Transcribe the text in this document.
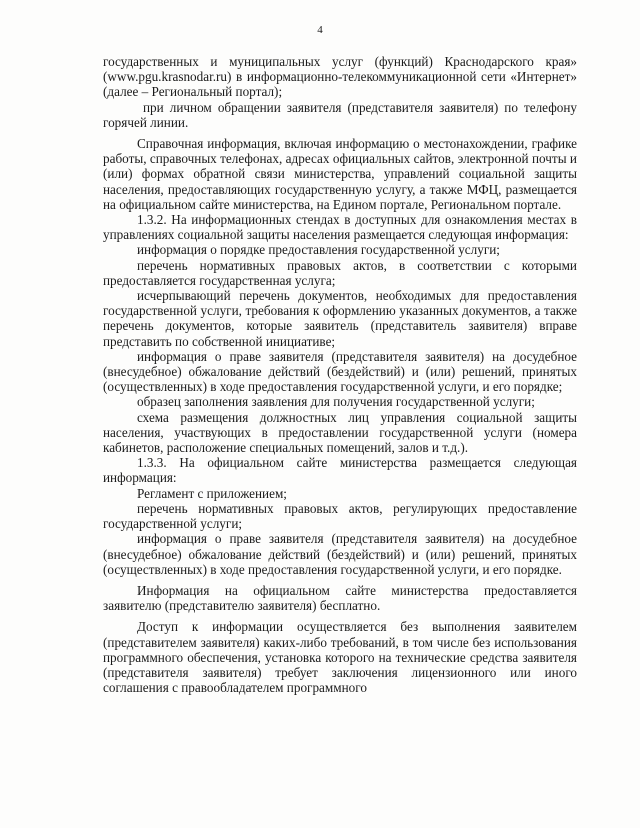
4

государственных и муниципальных услуг (функций) Краснодарского края» (www.pgu.krasnodar.ru) в информационно-телекоммуникационной сети «Интернет» (далее – Региональный портал);

при личном обращении заявителя (представителя заявителя) по телефону горячей линии.

Справочная информация, включая информацию о местонахождении, графике работы, справочных телефонах, адресах официальных сайтов, электронной почты и (или) формах обратной связи министерства, управлений социальной защиты населения, предоставляющих государственную услугу, а также МФЦ, размещается на официальном сайте министерства, на Едином портале, Региональном портале.

1.3.2. На информационных стендах в доступных для ознакомления местах в управлениях социальной защиты населения размещается следующая информация:

информация о порядке предоставления государственной услуги;

перечень нормативных правовых актов, в соответствии с которыми предоставляется государственная услуга;

исчерпывающий перечень документов, необходимых для предоставления государственной услуги, требования к оформлению указанных документов, а также перечень документов, которые заявитель (представитель заявителя) вправе представить по собственной инициативе;

информация о праве заявителя (представителя заявителя) на досудебное (внесудебное) обжалование действий (бездействий) и (или) решений, принятых (осуществленных) в ходе предоставления государственной услуги, и его порядке;

образец заполнения заявления для получения государственной услуги;

схема размещения должностных лиц управления социальной защиты населения, участвующих в предоставлении государственной услуги (номера кабинетов, расположение специальных помещений, залов и т.д.).

1.3.3. На официальном сайте министерства размещается следующая информация:

Регламент с приложением;

перечень нормативных правовых актов, регулирующих предоставление государственной услуги;

информация о праве заявителя (представителя заявителя) на досудебное (внесудебное) обжалование действий (бездействий) и (или) решений, принятых (осуществленных) в ходе предоставления государственной услуги, и его порядке.

Информация на официальном сайте министерства предоставляется заявителю (представителю заявителя) бесплатно.

Доступ к информации осуществляется без выполнения заявителем (представителем заявителя) каких-либо требований, в том числе без использования программного обеспечения, установка которого на технические средства заявителя (представителя заявителя) требует заключения лицензионного или иного соглашения с правообладателем программного
